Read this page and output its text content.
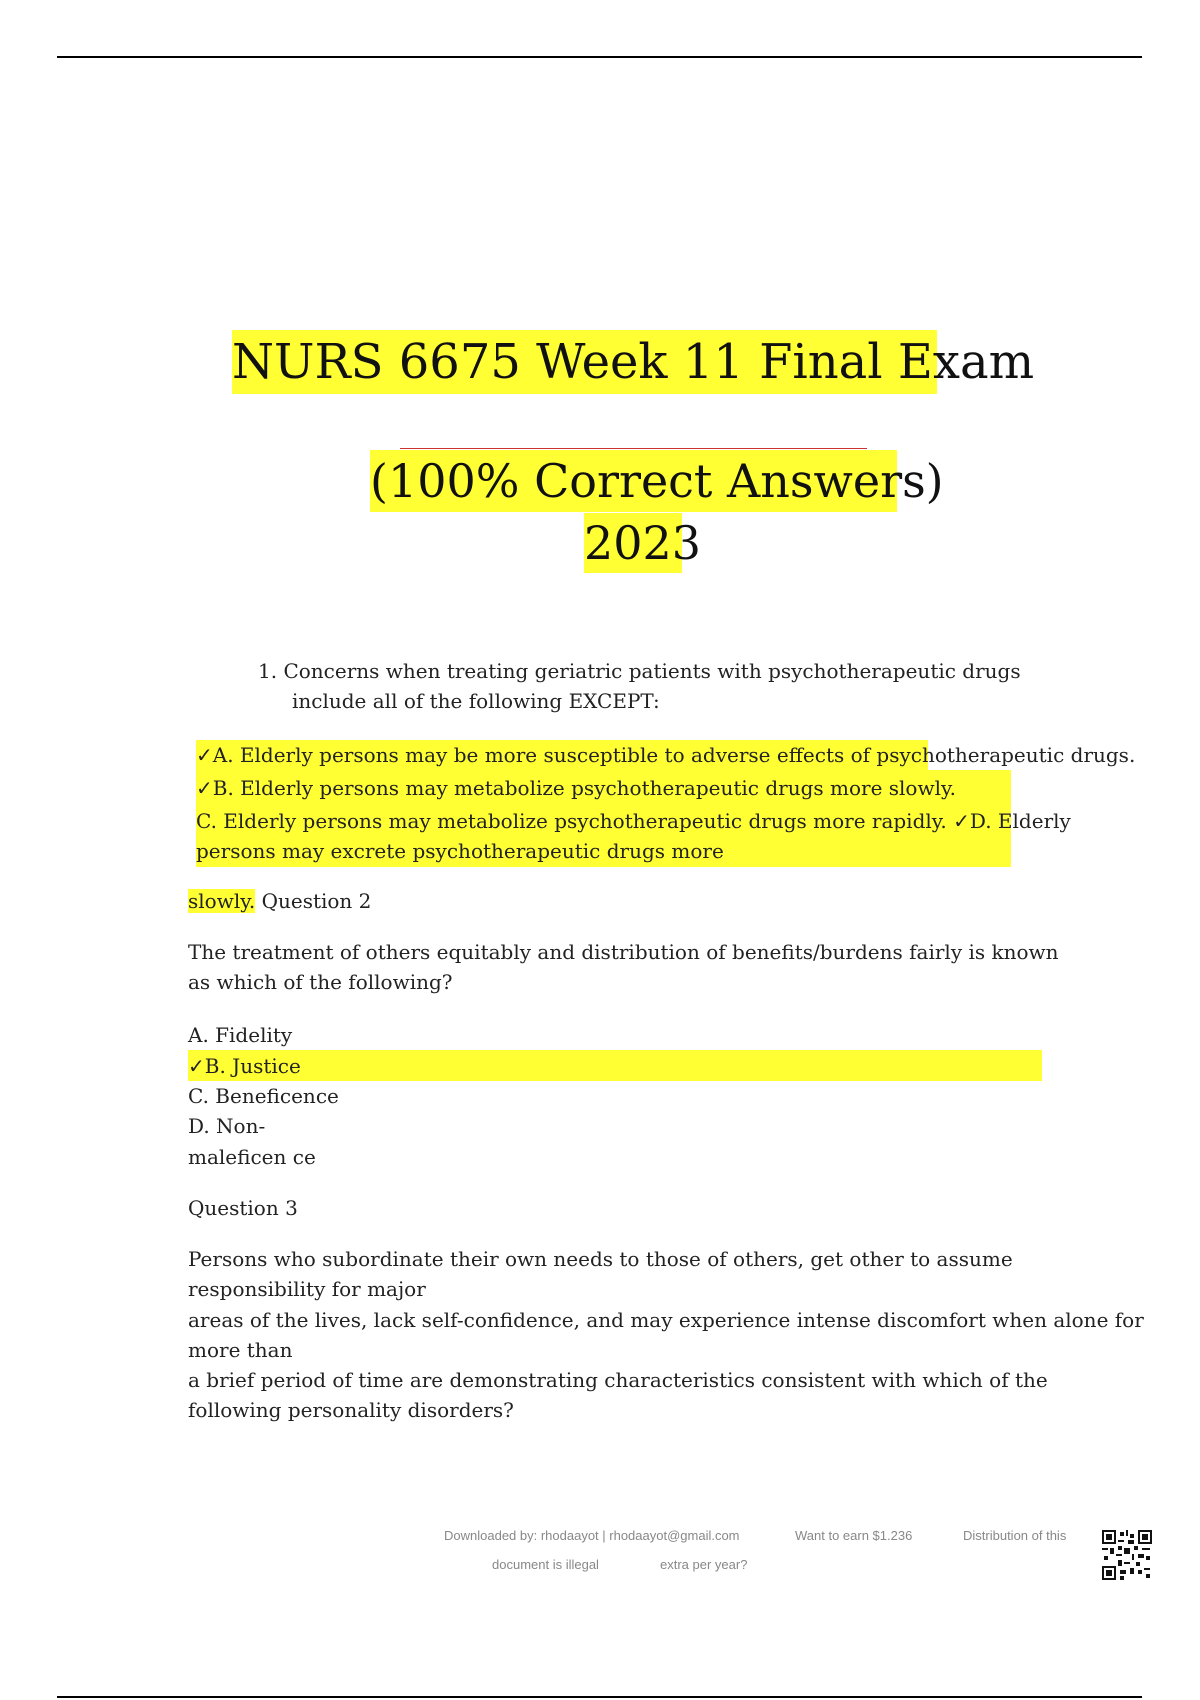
NURS 6675 Week 11 Final Exam
(100% Correct Answers)
2023
1. Concerns when treating geriatric patients with psychotherapeutic drugs
include all of the following EXCEPT:
✓A. Elderly persons may be more susceptible to adverse effects of psychotherapeutic drugs.
✓B. Elderly persons may metabolize psychotherapeutic drugs more slowly.
C. Elderly persons may metabolize psychotherapeutic drugs more rapidly. ✓D. Elderly
persons may excrete psychotherapeutic drugs more
slowly. Question 2
The treatment of others equitably and distribution of benefits/burdens fairly is known
as which of the following?
A. Fidelity
✓B. Justice
C. Beneficence
D. Non-
maleficen ce
Question 3
Persons who subordinate their own needs to those of others, get other to assume
responsibility for major
areas of the lives, lack self-confidence, and may experience intense discomfort when alone for
more than
a brief period of time are demonstrating characteristics consistent with which of the
following personality disorders?
Downloaded by: rhodaayot | rhodaayot@gmail.com	Want to earn $1.236
extra per year?
Distribution of this
document is illegal
